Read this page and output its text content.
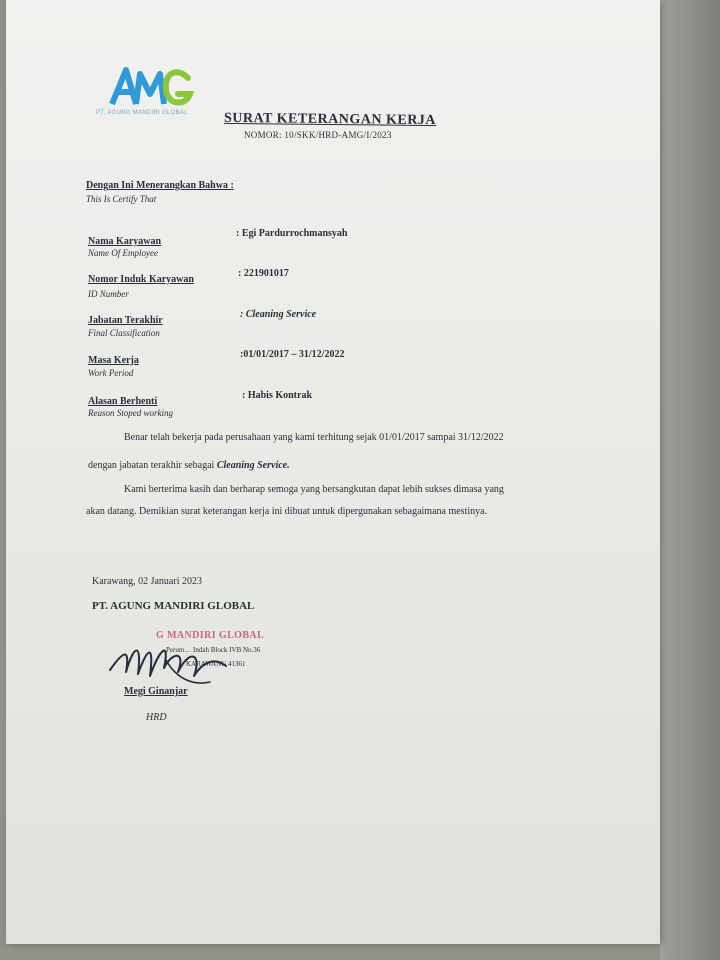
PT. AGUNG MANDIRI GLOBAL	SURAT KETERANGAN KERJA
NOMOR: 10/SKK/HRD-AMG/I/2023
Dengan Ini Menerangkan Bahwa :
This Is Certify That
Nama Karyawan
Name Of Employee
: Egi Pardurrochmansyah
Nomor Induk Karyawan
ID Number
: 221901017
Jabatan Terakhir
Final Classification
: Cleaning Service
Masa Kerja
Work Period
:01/01/2017 – 31/12/2022
Alasan Berhenti
Reason Stoped working
: Habis Kontrak
Benar telah bekerja pada perusahaan yang kami terhitung sejak 01/01/2017 sampai 31/12/2022
dengan jabatan terakhir sebagai Cleaning Service.
Kami berterima kasih dan berharap semoga yang bersangkutan dapat lebih sukses dimasa yang
akan datang. Demikian surat keterangan kerja ini dibuat untuk dipergunakan sebagaimana mestinya.
Karawang, 02 Januari 2023
PT. AGUNG MANDIRI GLOBAL
G MANDIRI GLOBAL
Perum… Indah Block IVB No.36
KARAWANG 41361
Megi Ginanjar
HRD
